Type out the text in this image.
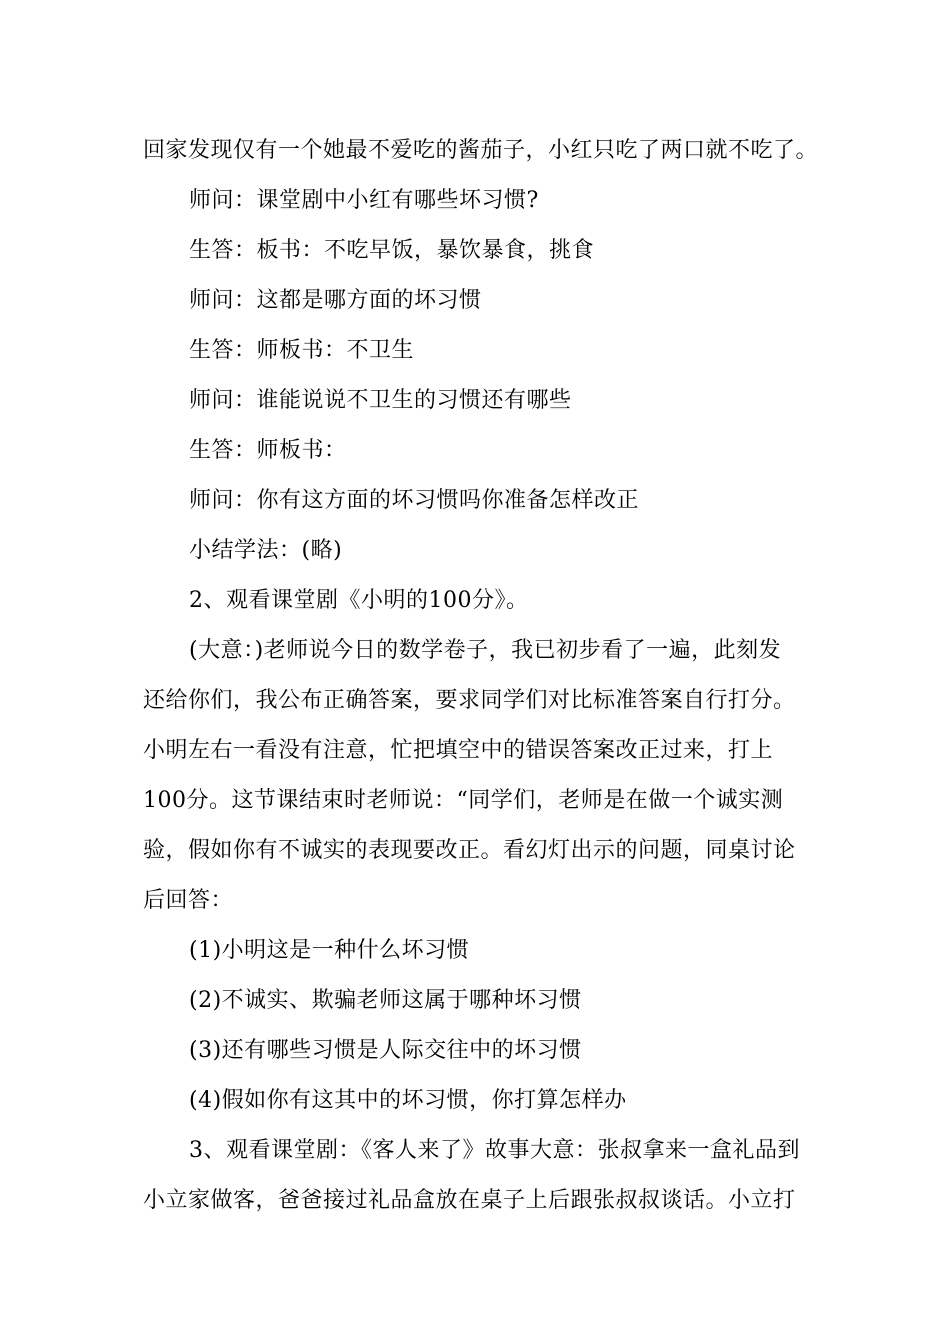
回家发现仅有一个她最不爱吃的酱茄子，小红只吃了两口就不吃了。
师问：课堂剧中小红有哪些坏习惯?
生答：板书：不吃早饭，暴饮暴食，挑食
师问：这都是哪方面的坏习惯
生答：师板书：不卫生
师问：谁能说说不卫生的习惯还有哪些
生答：师板书：
师问：你有这方面的坏习惯吗你准备怎样改正
小结学法：(略)
2、观看课堂剧《小明的100分》。
(大意：)老师说今日的数学卷子，我已初步看了一遍，此刻发
还给你们，我公布正确答案，要求同学们对比标准答案自行打分。
小明左右一看没有注意，忙把填空中的错误答案改正过来，打上
100分。这节课结束时老师说：“同学们，老师是在做一个诚实测
验，假如你有不诚实的表现要改正。看幻灯出示的问题，同桌讨论
后回答：
(1)小明这是一种什么坏习惯
(2)不诚实、欺骗老师这属于哪种坏习惯
(3)还有哪些习惯是人际交往中的坏习惯
(4)假如你有这其中的坏习惯，你打算怎样办
3、观看课堂剧：《客人来了》故事大意：张叔拿来一盒礼品到
小立家做客，爸爸接过礼品盒放在桌子上后跟张叔叔谈话。小立打
